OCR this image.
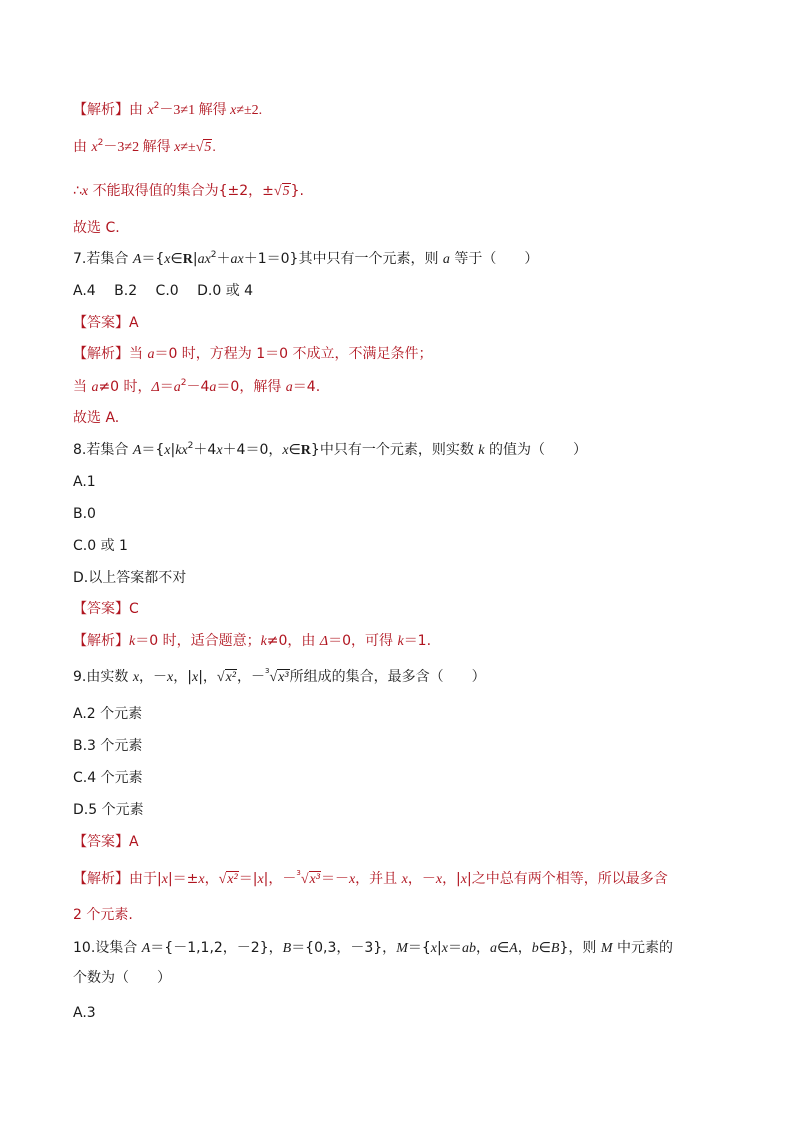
【解析】由 $x^2-3\ne 1$ 解得 x≠±2.
由 $x^2-3\ne 2$ 解得 x≠±√5.
∴x 不能取得值的集合为{±2，±√5}.
故选 C.
7.若集合 $A=\{x\in R|ax^2+ax+1=0\}$其中只有一个元素，则 a 等于（　　）
A.4　 B.2　 C.0　 D.0 或 4
【答案】A
【解析】当 a＝0 时，方程为 1＝0 不成立，不满足条件；
当 a≠0 时，$\Delta=a^2-4a=0$，解得 a＝4.
故选 A.
8.若集合 $A=\{x|kx^2+4x+4=0$，x∈R}中只有一个元素，则实数 k 的值为（　　）
A.1
B.0
C.0 或 1
D.以上答案都不对
【答案】C
【解析】k＝0 时，适合题意；k≠0，由 Δ＝0，可得 k＝1.
9.由实数 x，－x，|x|，√x²，－$^3$√x³所组成的集合，最多含（　　）
A.2 个元素
B.3 个元素
C.4 个元素
D.5 个元素
【答案】A
【解析】由于|x|＝±x，√x²＝|x|，－$^3$√x³＝－x，并且 x，－x，|x|之中总有两个相等，所以最多含
2 个元素.
10.设集合 A＝{－1,1,2，－2}，B＝{0,3，－3}，M＝{x|x＝ab，a∈A，b∈B}，则 M 中元素的
个数为（　　）
A.3
